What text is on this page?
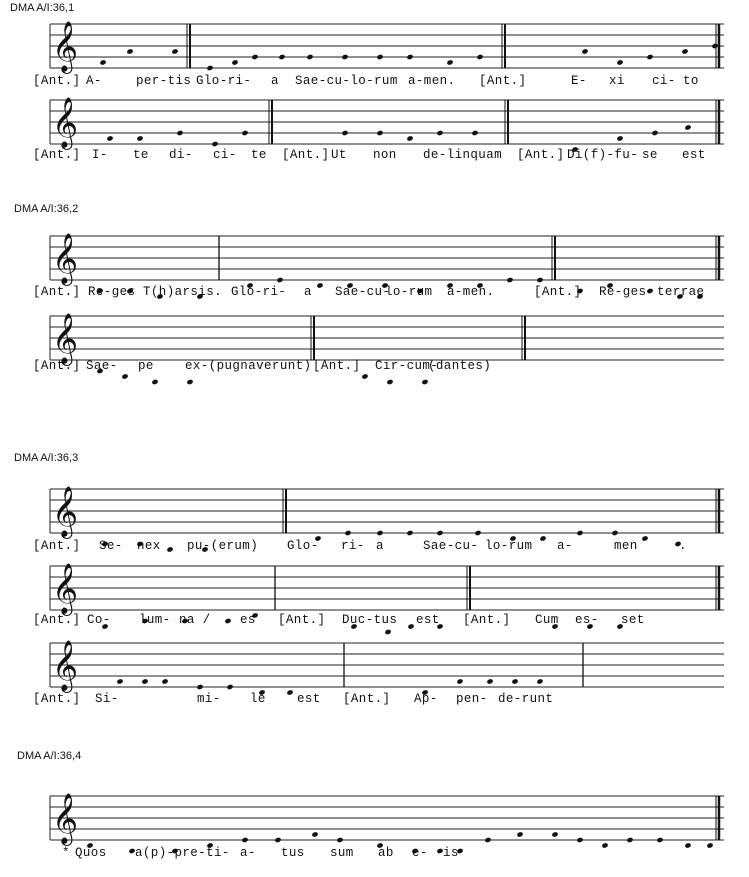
DMA A/I:36,1
DMA A/I:36,2
DMA A/I:36,3
DMA A/I:36,4
𝄞
𝄞
𝄞
𝄞
𝄞
𝄞
𝄞
𝄞
[Ant.] A-	per-tis Glo-ri- a Sae-cu-lo-rum a-men. [Ant.]	E- xi ci- to
[Ant.] I- te di- ci- te [Ant.] Ut non de-linquam [Ant.] Di(f)-fu- se est
[Ant.] Re-ges T(h)arsis. Glo-ri- a Sae-cu-
lo-rum a-men.	[Ant.] Re-ges terrae
[Ant.] Sae- pe ex-(pugnaverunt) [Ant.] Cir-cum-
(dantes)
[Ant.] Se- nex pu-(erum) Glo- ri- a	Sae-cu- lo-rum a-	men	.
[Ant.] Co- lum- na / es [Ant.] Duc-tus est [Ant.] Cum es- set
[Ant.] Si-	mi- le est [Ant.] Ap- pen- de-runt
* Quos a(p)-pre-ti- a- tus sum ab e- is
